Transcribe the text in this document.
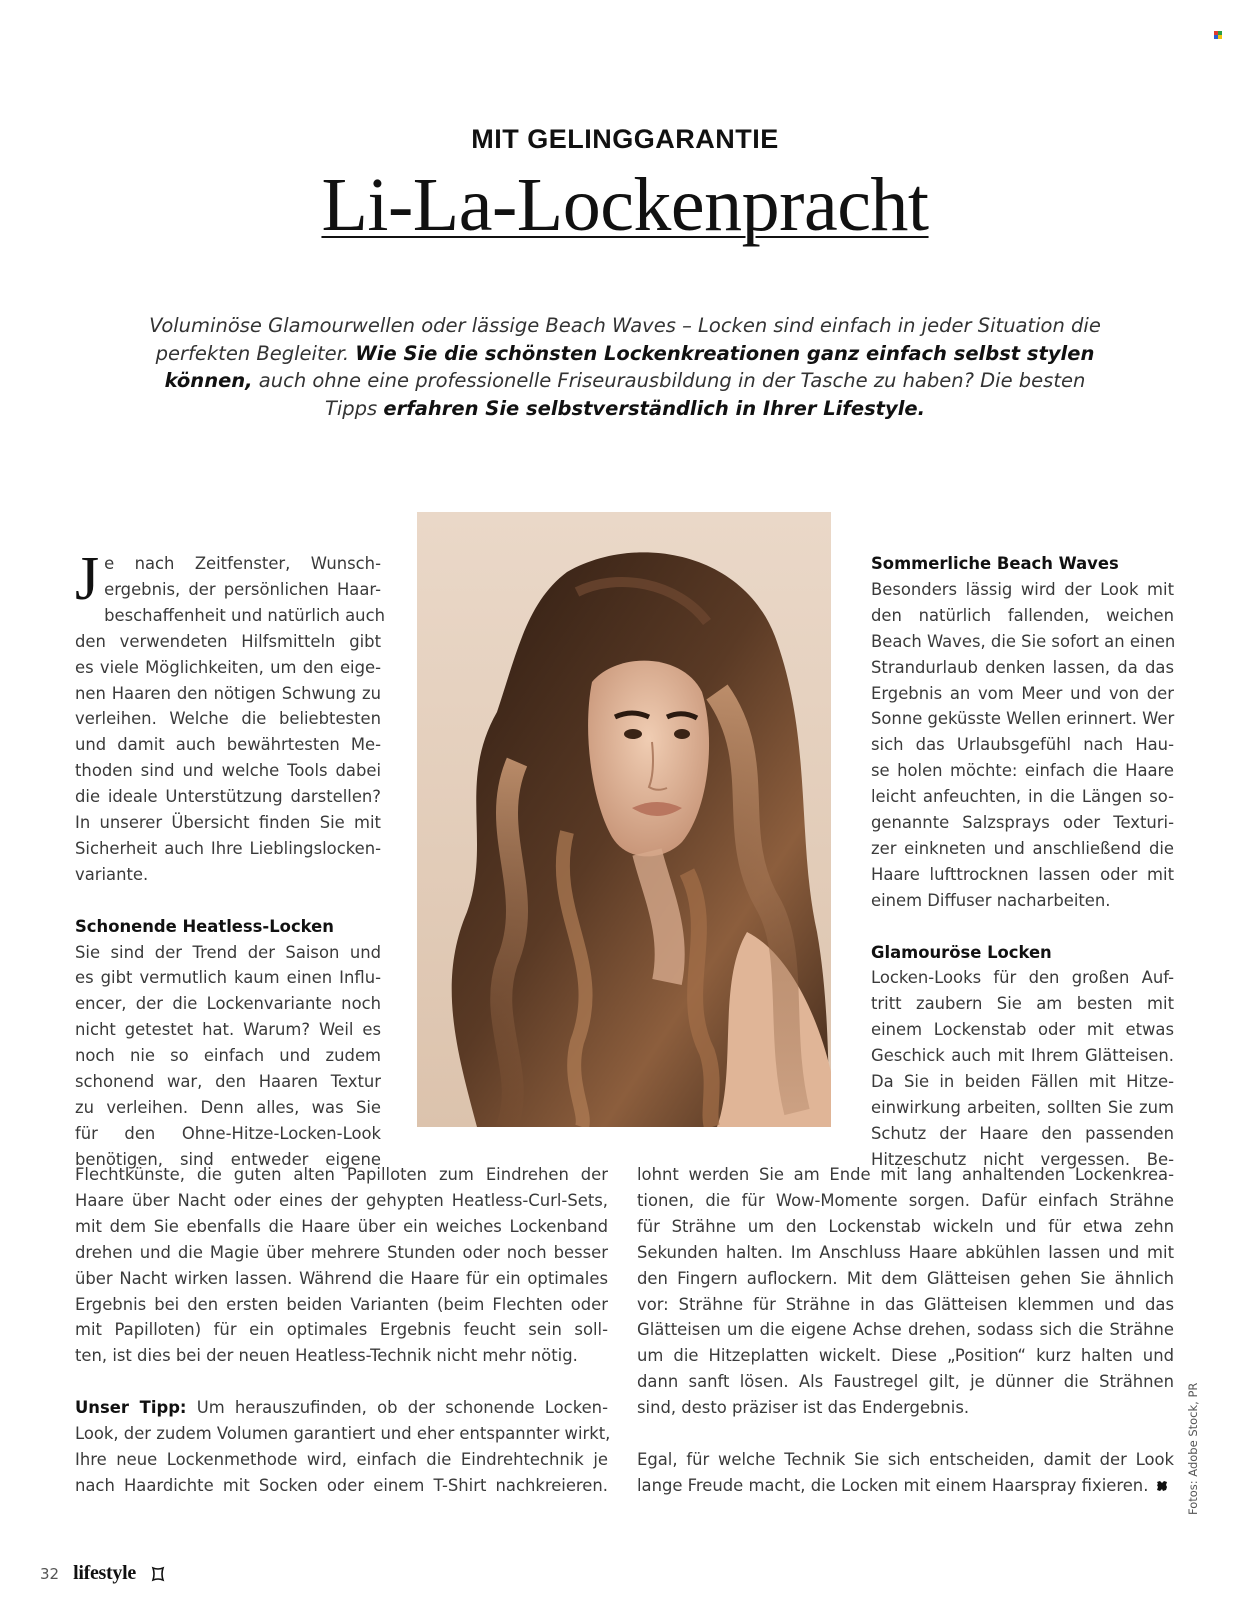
MIT GELINGGARANTIE
Li-La-Lockenpracht

Voluminöse Glamourwellen oder lässige Beach Waves – Locken sind einfach in jeder Situation die perfekten Begleiter. Wie Sie die schönsten Lockenkreationen ganz einfach selbst stylen können, auch ohne eine professionelle Friseurausbildung in der Tasche zu haben? Die besten Tipps erfahren Sie selbstverständlich in Ihrer Lifestyle.

J e nach Zeitfenster, Wunsch-
ergebnis, der persönlichen Haar-
beschaffenheit und natürlich auch
den verwendeten Hilfsmitteln gibt
es viele Möglichkeiten, um den eige-
nen Haaren den nötigen Schwung zu
verleihen. Welche die beliebtesten
und damit auch bewährtesten Me-
thoden sind und welche Tools dabei
die ideale Unterstützung darstellen?
In unserer Übersicht finden Sie mit
Sicherheit auch Ihre Lieblingslocken-
variante.
Schonende Heatless-Locken
Sie sind der Trend der Saison und
es gibt vermutlich kaum einen Influ-
encer, der die Lockenvariante noch
nicht getestet hat. Warum? Weil es
noch nie so einfach und zudem
schonend war, den Haaren Textur
zu verleihen. Denn alles, was Sie
für den Ohne-Hitze-Locken-Look
benötigen, sind entweder eigene
Flechtkünste, die guten alten Papilloten zum Eindrehen der
Haare über Nacht oder eines der gehypten Heatless-Curl-Sets,
mit dem Sie ebenfalls die Haare über ein weiches Lockenband
drehen und die Magie über mehrere Stunden oder noch besser
über Nacht wirken lassen. Während die Haare für ein optimales
Ergebnis bei den ersten beiden Varianten (beim Flechten oder
mit Papilloten) für ein optimales Ergebnis feucht sein soll-
ten, ist dies bei der neuen Heatless-Technik nicht mehr nötig.
Unser Tipp: Um herauszufinden, ob der schonende Locken-
Look, der zudem Volumen garantiert und eher entspannter wirkt,
Ihre neue Lockenmethode wird, einfach die Eindrehtechnik je
nach Haardichte mit Socken oder einem T-Shirt nachkreieren.
Sommerliche Beach Waves
Besonders lässig wird der Look mit
den natürlich fallenden, weichen
Beach Waves, die Sie sofort an einen
Strandurlaub denken lassen, da das
Ergebnis an vom Meer und von der
Sonne geküsste Wellen erinnert. Wer
sich das Urlaubsgefühl nach Hau-
se holen möchte: einfach die Haare
leicht anfeuchten, in die Längen so-
genannte Salzsprays oder Texturi-
zer einkneten und anschließend die
Haare lufttrocknen lassen oder mit
einem Diffuser nacharbeiten.
Glamouröse Locken
Locken-Looks für den großen Auf-
tritt zaubern Sie am besten mit
einem Lockenstab oder mit etwas
Geschick auch mit Ihrem Glätteisen.
Da Sie in beiden Fällen mit Hitze-
einwirkung arbeiten, sollten Sie zum
Schutz der Haare den passenden
Hitzeschutz nicht vergessen. Be-
lohnt werden Sie am Ende mit lang anhaltenden Lockenkrea-
tionen, die für Wow-Momente sorgen. Dafür einfach Strähne
für Strähne um den Lockenstab wickeln und für etwa zehn
Sekunden halten. Im Anschluss Haare abkühlen lassen und mit
den Fingern auflockern. Mit dem Glätteisen gehen Sie ähnlich
vor: Strähne für Strähne in das Glätteisen klemmen und das
Glätteisen um die eigene Achse drehen, sodass sich die Strähne
um die Hitzeplatten wickelt. Diese „Position“ kurz halten und
dann sanft lösen. Als Faustregel gilt, je dünner die Strähnen
sind, desto präziser ist das Endergebnis.
Egal, für welche Technik Sie sich entscheiden, damit der Look
lange Freude macht, die Locken mit einem Haarspray fixieren.	Fotos: Adobe Stock, PR
32 lifestyle
